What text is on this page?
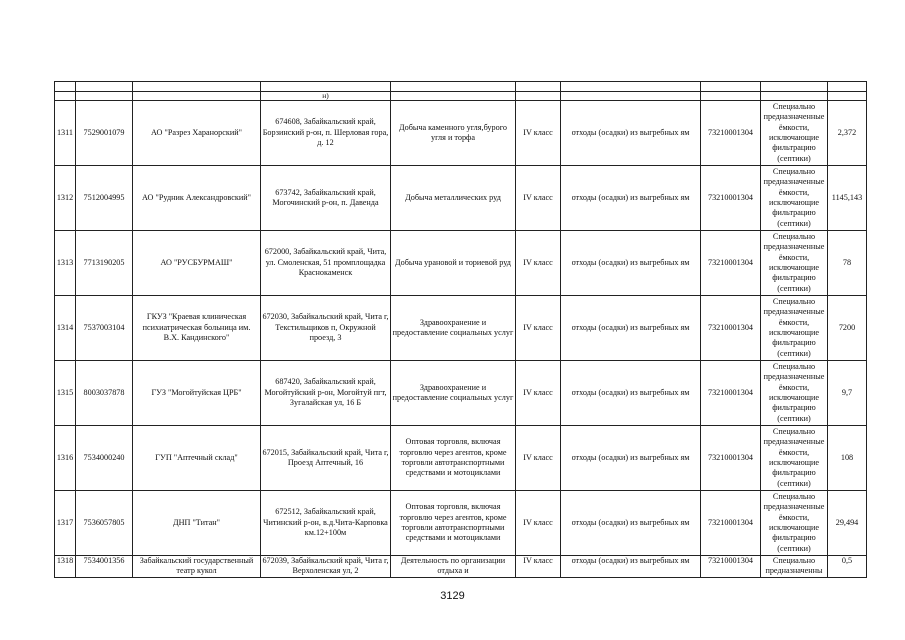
			н)						
1311	7529001079	АО "Разрез Харанорский"	674608, Забайкальский край, Борзинский р-он, п. Шерловая гора, д. 12	Добыча каменного угля,бурого угля и торфа	IV класс	отходы (осадки) из выгребных ям	73210001304	Специально предназначенные ёмкости, исключающие фильтрацию (септики)	2,372
1312	7512004995	АО "Рудник Александровский"	673742, Забайкальский край, Могочинский р-он, п. Давенда	Добыча металлических руд	IV класс	отходы (осадки) из выгребных ям	73210001304	Специально предназначенные ёмкости, исключающие фильтрацию (септики)	1145,143
1313	7713190205	АО "РУСБУРМАШ"	672000, Забайкальский край, Чита, ул. Смоленская, 51 промплощадка Краснокаменск	Добыча урановой и ториевой руд	IV класс	отходы (осадки) из выгребных ям	73210001304	Специально предназначенные ёмкости, исключающие фильтрацию (септики)	78
1314	7537003104	ГКУЗ "Краевая клиническая психиатрическая больница им. В.Х. Кандинского"	672030, Забайкальский край, Чита г, Текстильщиков п, Окружной проезд, 3	Здравоохранение и предоставление социальных услуг	IV класс	отходы (осадки) из выгребных ям	73210001304	Специально предназначенные ёмкости, исключающие фильтрацию (септики)	7200
1315	8003037878	ГУЗ "Могойтуйская ЦРБ"	687420, Забайкальский край, Могойтуйский р-он, Могойтуй пгт, Зугалайская ул, 16 Б	Здравоохранение и предоставление социальных услуг	IV класс	отходы (осадки) из выгребных ям	73210001304	Специально предназначенные ёмкости, исключающие фильтрацию (септики)	9,7
1316	7534000240	ГУП "Аптечный склад"	672015, Забайкальский край, Чита г, Проезд Аптечный, 16	Оптовая торговля, включая торговлю через агентов, кроме торговли автотранспортными средствами и мотоциклами	IV класс	отходы (осадки) из выгребных ям	73210001304	Специально предназначенные ёмкости, исключающие фильтрацию (септики)	108
1317	7536057805	ДНП "Титан"	672512, Забайкальский край, Читинский р-он, в.д.Чита-Карповка км.12+100м	Оптовая торговля, включая торговлю через агентов, кроме торговли автотранспортными средствами и мотоциклами	IV класс	отходы (осадки) из выгребных ям	73210001304	Специально предназначенные ёмкости, исключающие фильтрацию (септики)	29,494
1318	7534001356	Забайкальский государственный театр кукол	672039, Забайкальский край, Чита г, Верхоленская ул, 2	Деятельность по организации отдыха и	IV класс	отходы (осадки) из выгребных ям	73210001304	Специально предназначенны	0,5
3129
